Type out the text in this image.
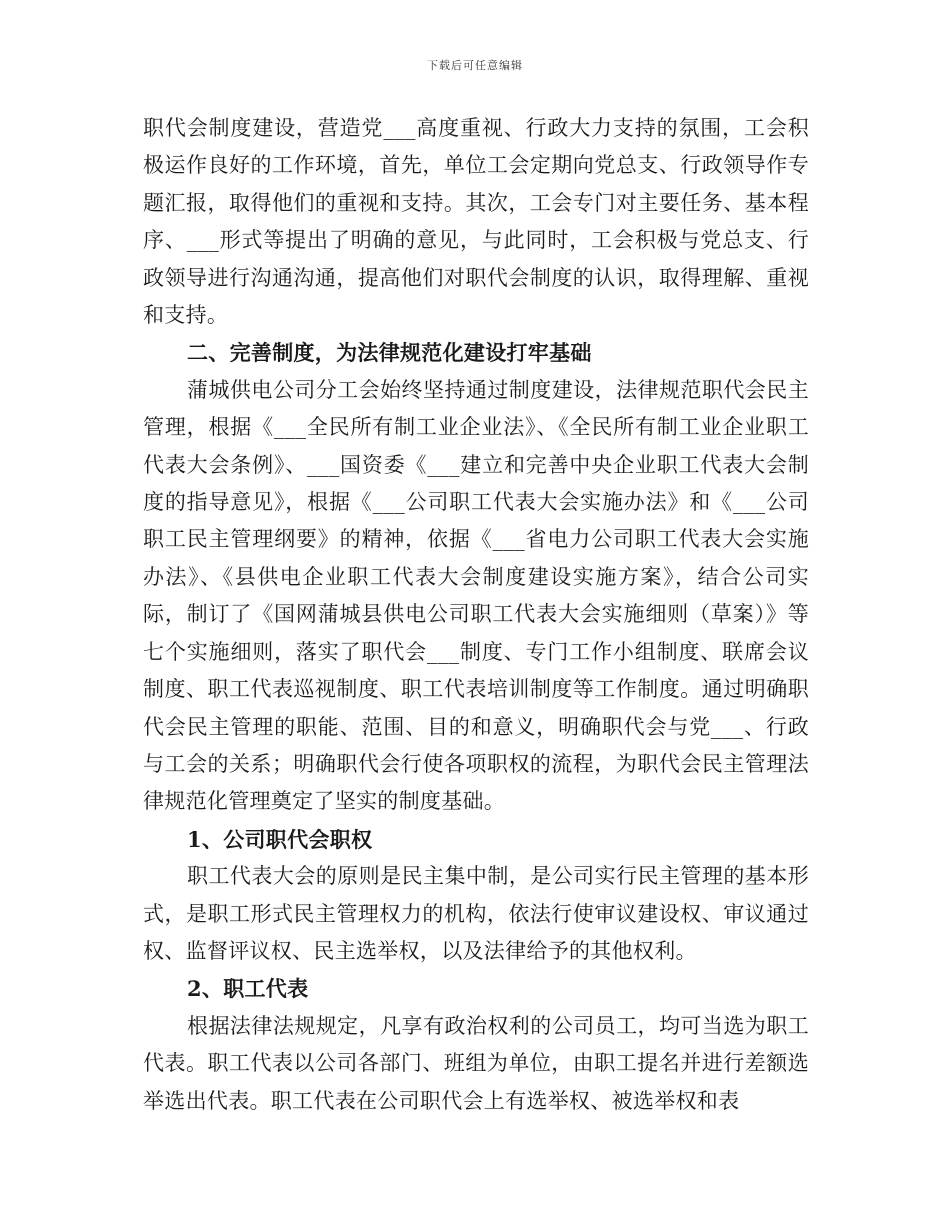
下载后可任意编辑

职代会制度建设，营造党___高度重视、行政大力支持的氛围，工会积极运作良好的工作环境，首先，单位工会定期向党总支、行政领导作专题汇报，取得他们的重视和支持。其次，工会专门对主要任务、基本程序、___形式等提出了明确的意见，与此同时，工会积极与党总支、行政领导进行沟通沟通，提高他们对职代会制度的认识，取得理解、重视和支持。

二、完善制度，为法律规范化建设打牢基础

蒲城供电公司分工会始终坚持通过制度建设，法律规范职代会民主管理，根据《___全民所有制工业企业法》、《全民所有制工业企业职工代表大会条例》、___国资委《___建立和完善中央企业职工代表大会制度的指导意见》，根据《___公司职工代表大会实施办法》和《___公司职工民主管理纲要》的精神，依据《___省电力公司职工代表大会实施办法》、《县供电企业职工代表大会制度建设实施方案》，结合公司实际，制订了《国网蒲城县供电公司职工代表大会实施细则（草案）》等七个实施细则，落实了职代会___制度、专门工作小组制度、联席会议制度、职工代表巡视制度、职工代表培训制度等工作制度。通过明确职代会民主管理的职能、范围、目的和意义，明确职代会与党___、行政与工会的关系；明确职代会行使各项职权的流程，为职代会民主管理法律规范化管理奠定了坚实的制度基础。

1、公司职代会职权

职工代表大会的原则是民主集中制，是公司实行民主管理的基本形式，是职工形式民主管理权力的机构，依法行使审议建设权、审议通过权、监督评议权、民主选举权，以及法律给予的其他权利。

2、职工代表

根据法律法规规定，凡享有政治权利的公司员工，均可当选为职工代表。职工代表以公司各部门、班组为单位，由职工提名并进行差额选举选出代表。职工代表在公司职代会上有选举权、被选举权和表
